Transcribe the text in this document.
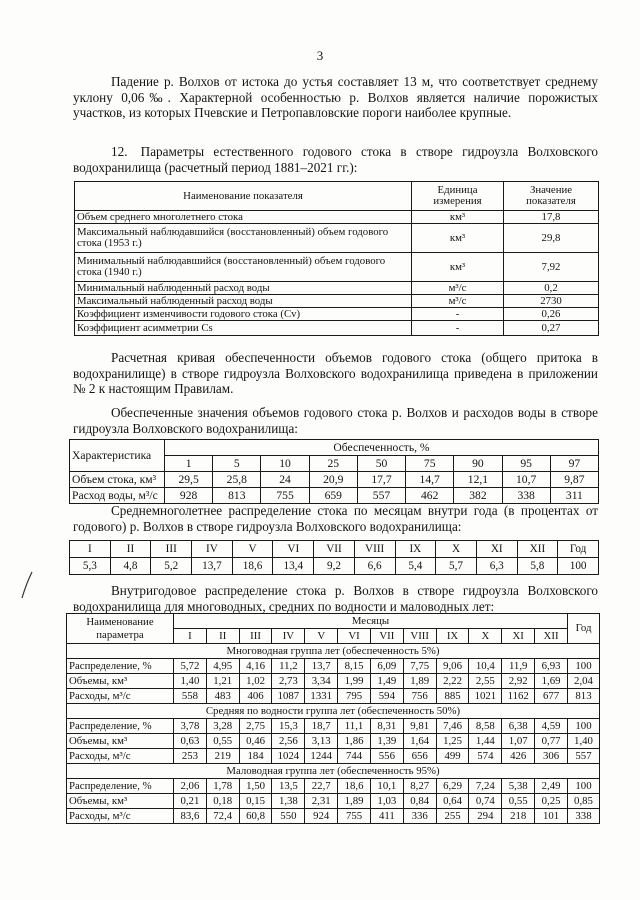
3
Падение р. Волхов от истока до устья составляет 13 м, что соответствует среднему уклону 0,06‰. Характерной особенностью р. Волхов является наличие порожистых участков, из которых Пчевские и Петропавловские пороги наиболее крупные.
12. Параметры естественного годового стока в створе гидроузла Волховского водохранилища (расчетный период 1881–2021 гг.):
Наименование показателя	Единица измерения	Значение показателя
Объем среднего многолетнего стока	км³	17,8
Максимальный наблюдавшийся (восстановленный) объем годового стока (1953 г.)	км³	29,8
Минимальный наблюдавшийся (восстановленный) объем годового стока (1940 г.)	км³	7,92
Минимальный наблюденный расход воды	м³/с	0,2
Максимальный наблюденный расход воды	м³/с	2730
Коэффициент изменчивости годового стока (Cv)	-	0,26
Коэффициент асимметрии Cs	-	0,27
Расчетная кривая обеспеченности объемов годового стока (общего притока в водохранилище) в створе гидроузла Волховского водохранилища приведена в приложении № 2 к настоящим Правилам.
Обеспеченные значения объемов годового стока р. Волхов и расходов воды в створе гидроузла Волховского водохранилища:
Характеристика	Обеспеченность, %								
	1	5	10	25	50	75	90	95	97
Объем стока, км³	29,5	25,8	24	20,9	17,7	14,7	12,1	10,7	9,87
Расход воды, м³/с	928	813	755	659	557	462	382	338	311
Среднемноголетнее распределение стока по месяцам внутри года (в процентах от годового) р. Волхов в створе гидроузла Волховского водохранилища:
I	II	III	IV	V	VI	VII	VIII	IX	X	XI	XII	Год
5,3	4,8	5,2	13,7	18,6	13,4	9,2	6,6	5,4	5,7	6,3	5,8	100
Внутригодовое распределение стока р. Волхов в створе гидроузла Волховского водохранилища для многоводных, средних по водности и маловодных лет:
Наименование параметра	Месяцы												Год
	I	II	III	IV	V	VI	VII	VIII	IX	X	XI	XII	
Многоводная группа лет (обеспеченность 5%)													
Распределение, %	5,72	4,95	4,16	11,2	13,7	8,15	6,09	7,75	9,06	10,4	11,9	6,93	100
Объемы, км³	1,40	1,21	1,02	2,73	3,34	1,99	1,49	1,89	2,22	2,55	2,92	1,69	2,04
Расходы, м³/с	558	483	406	1087	1331	795	594	756	885	1021	1162	677	813
Средняя по водности группа лет (обеспеченность 50%)													
Распределение, %	3,78	3,28	2,75	15,3	18,7	11,1	8,31	9,81	7,46	8,58	6,38	4,59	100
Объемы, км³	0,63	0,55	0,46	2,56	3,13	1,86	1,39	1,64	1,25	1,44	1,07	0,77	1,40
Расходы, м³/с	253	219	184	1024	1244	744	556	656	499	574	426	306	557
Маловодная группа лет (обеспеченность 95%)													
Распределение, %	2,06	1,78	1,50	13,5	22,7	18,6	10,1	8,27	6,29	7,24	5,38	2,49	100
Объемы, км³	0,21	0,18	0,15	1,38	2,31	1,89	1,03	0,84	0,64	0,74	0,55	0,25	0,85
Расходы, м³/с	83,6	72,4	60,8	550	924	755	411	336	255	294	218	101	338
